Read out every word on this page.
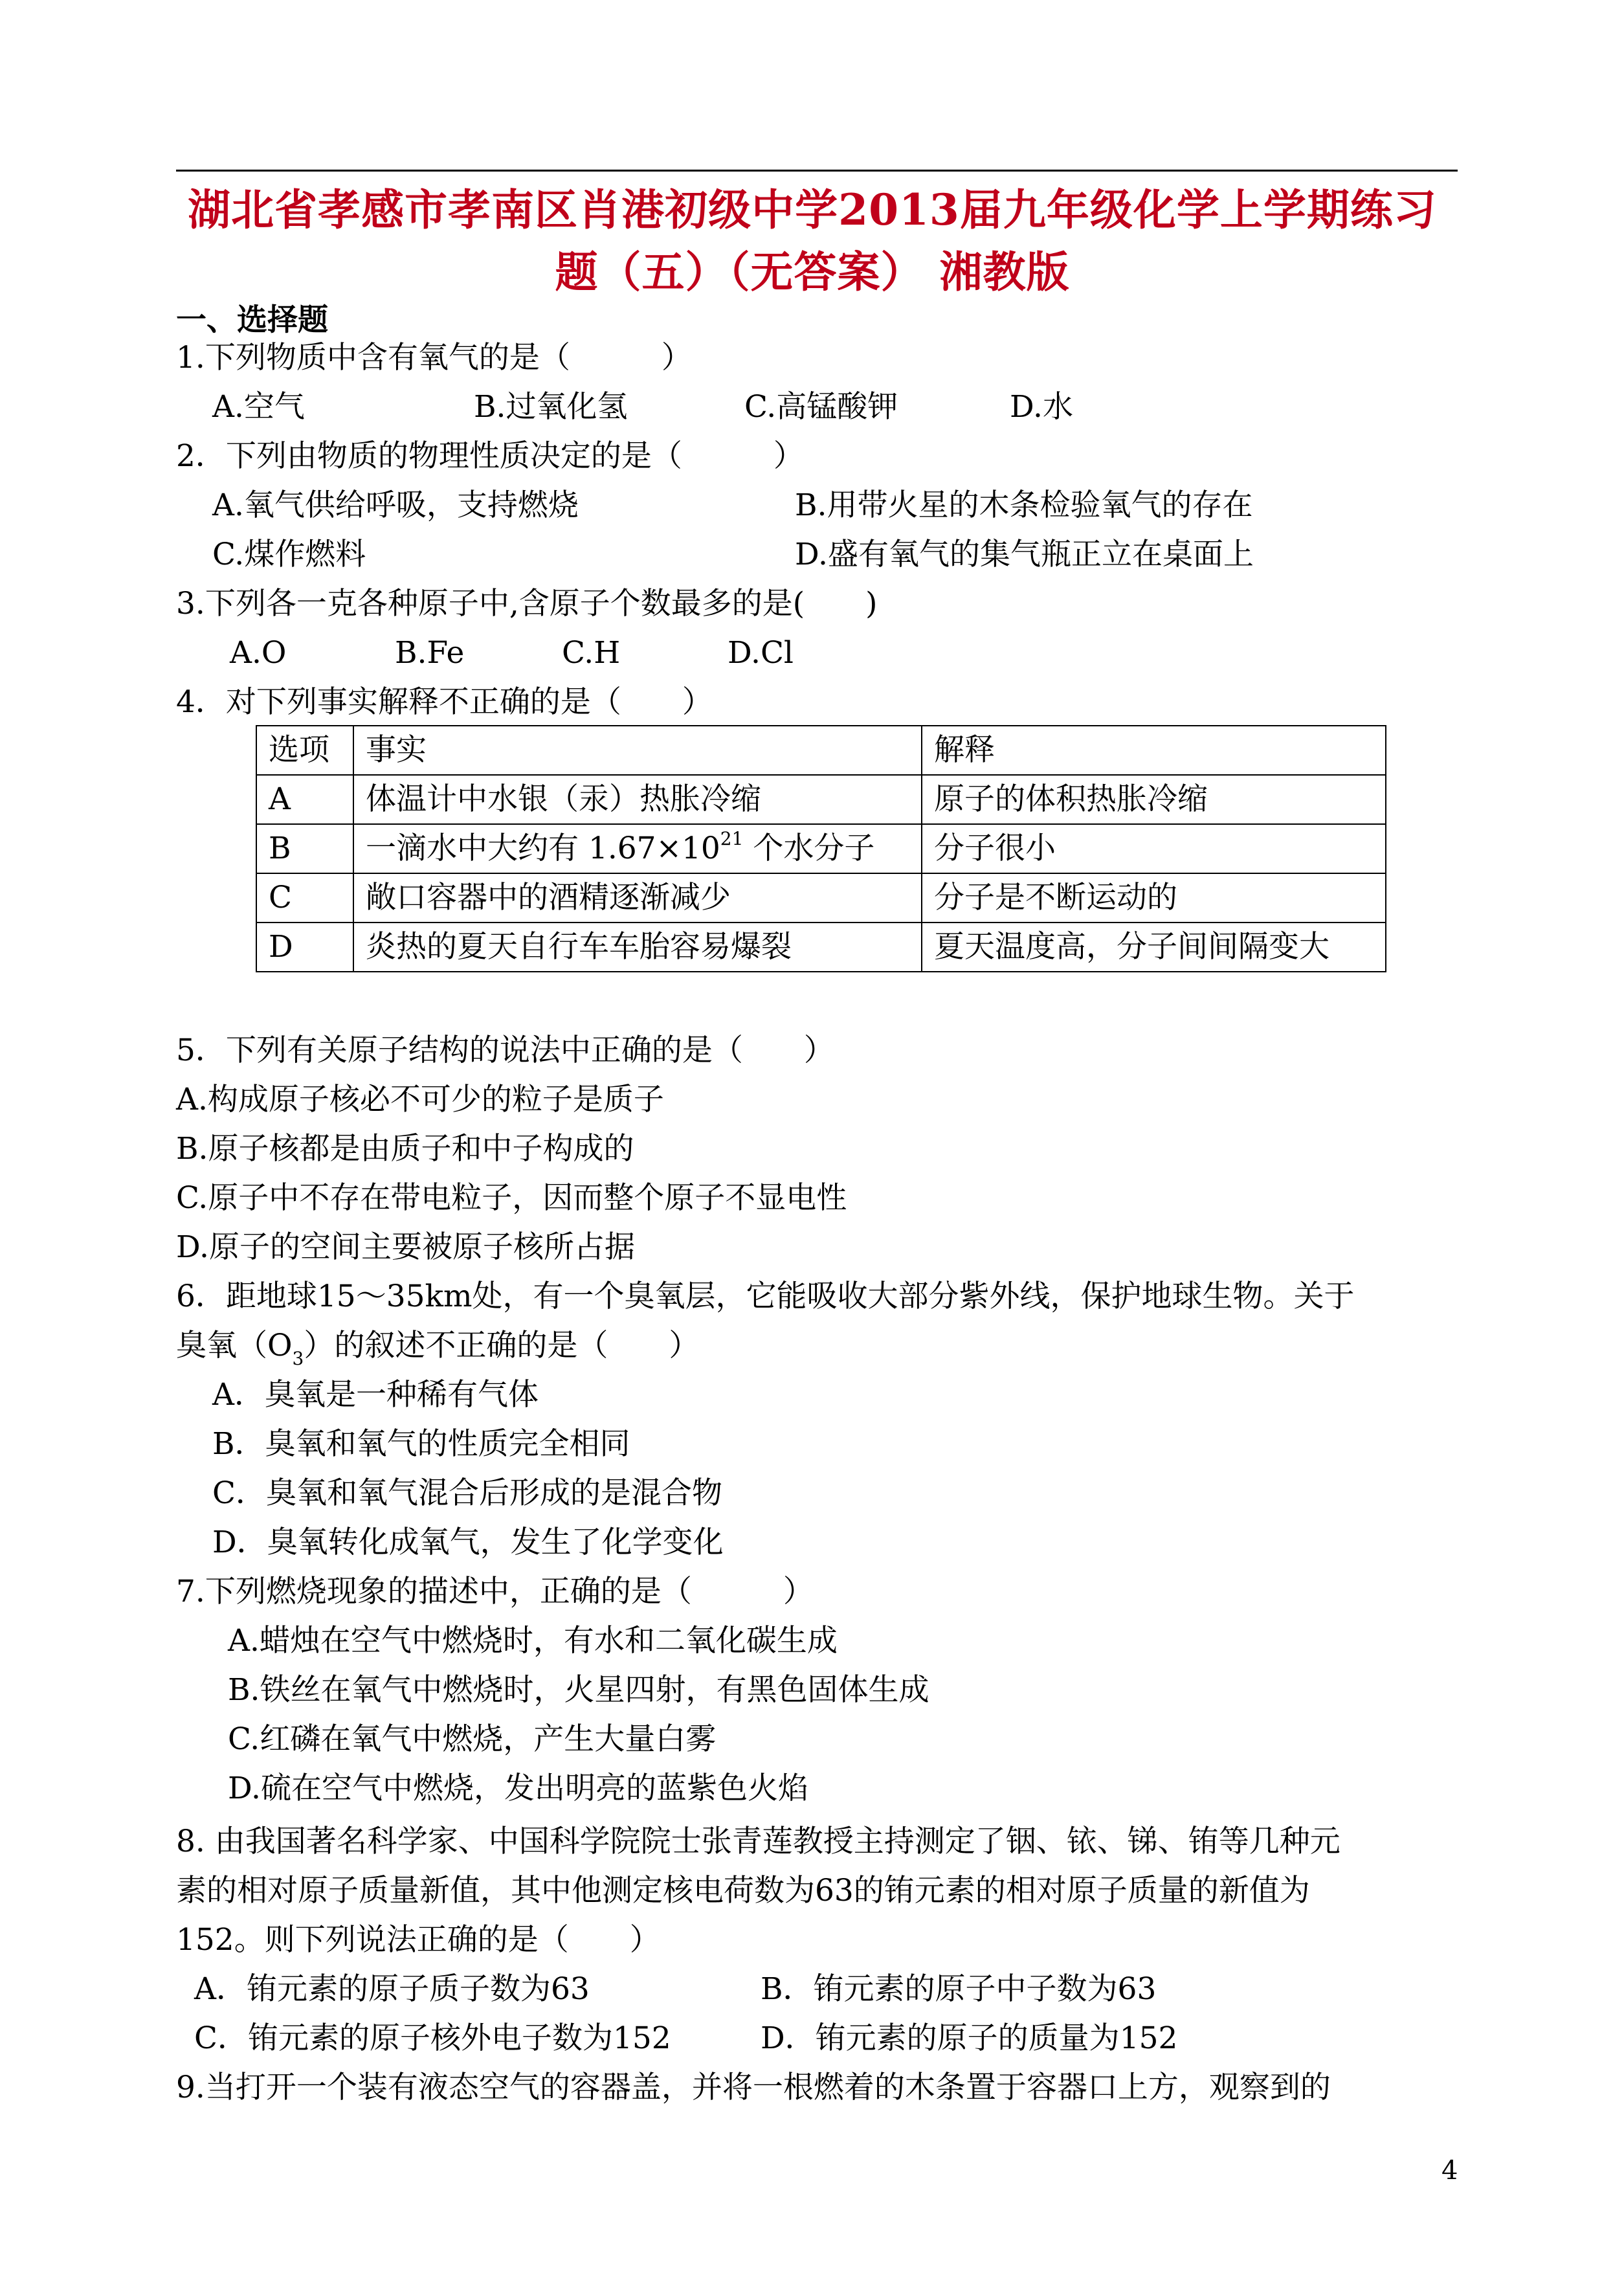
湖北省孝感市孝南区肖港初级中学2013届九年级化学上学期练习
题（五）（无答案） 湘教版
一、选择题
1.下列物质中含有氧气的是（　　　）
A.空气	B.过氧化氢	C.高锰酸钾	D.水
2．下列由物质的物理性质决定的是（　　　）
A.氧气供给呼吸，支持燃烧	B.用带火星的木条检验氧气的存在
C.煤作燃料	D.盛有氧气的集气瓶正立在桌面上
3.下列各一克各种原子中,含原子个数最多的是(　　)
A.O	B.Fe	C.H	D.Cl
4．对下列事实解释不正确的是（　　）
选项	事实	解释
A	体温计中水银（汞）热胀冷缩	原子的体积热胀冷缩
B	一滴水中大约有 $1.67\times 10^{21}$ 个水分子	分子很小
C	敞口容器中的酒精逐渐减少	分子是不断运动的
D	炎热的夏天自行车车胎容易爆裂	夏天温度高，分子间间隔变大
5．下列有关原子结构的说法中正确的是（　　）
A.构成原子核必不可少的粒子是质子
B.原子核都是由质子和中子构成的
C.原子中不存在带电粒子，因而整个原子不显电性
D.原子的空间主要被原子核所占据
6．距地球15～35km处，有一个臭氧层，它能吸收大部分紫外线，保护地球生物。关于
臭氧$(O_3)$的叙述不正确的是（　　）
A．臭氧是一种稀有气体
B．臭氧和氧气的性质完全相同
C．臭氧和氧气混合后形成的是混合物
D．臭氧转化成氧气，发生了化学变化
7.下列燃烧现象的描述中，正确的是（　　　）
A.蜡烛在空气中燃烧时，有水和二氧化碳生成
B.铁丝在氧气中燃烧时，火星四射，有黑色固体生成
C.红磷在氧气中燃烧，产生大量白雾
D.硫在空气中燃烧，发出明亮的蓝紫色火焰
8. 由我国著名科学家、中国科学院院士张青莲教授主持测定了铟、铱、锑、铕等几种元
素的相对原子质量新值，其中他测定核电荷数为63的铕元素的相对原子质量的新值为
152。则下列说法正确的是（　　）
A．铕元素的原子质子数为63	B．铕元素的原子中子数为63
C．铕元素的原子核外电子数为152	D．铕元素的原子的质量为152
9.当打开一个装有液态空气的容器盖，并将一根燃着的木条置于容器口上方，观察到的
4
